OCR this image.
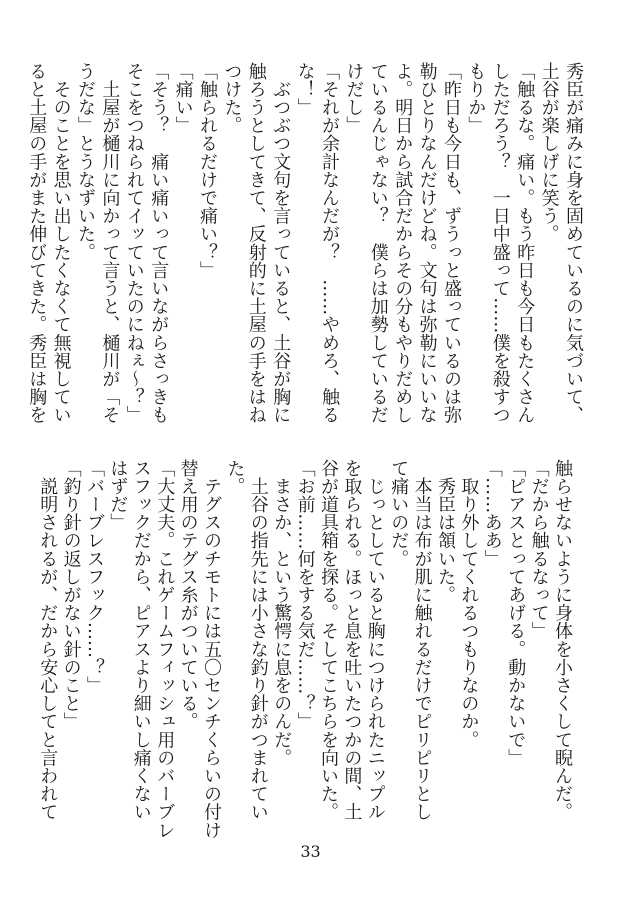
秀臣が痛みに身を固めているのに気づいて、
土谷が楽しげに笑う。
「触るな。痛い。もう昨日も今日もたくさん
しただろう？　一日中盛って……僕を殺すつ
もりか」
「昨日も今日も、ずうっと盛っているのは弥
勒ひとりなんだけどね。文句は弥勒にいいな
よ。明日から試合だからその分もやりだめし
ているんじゃない？　僕らは加勢しているだ
けだし」
「それが余計なんだが？　……やめろ、触る
な！」
　ぶつぶつ文句を言っていると、土谷が胸に
触ろうとしてきて、反射的に土屋の手をはね
つけた。
「触られるだけで痛い？」
「痛い」
「そう？　痛い痛いって言いながらさっきも
そこをつねられてイッていたのにねぇ～？」
　土屋が樋川に向かって言うと、樋川が「そ
うだな」とうなずいた。
　そのことを思い出したくなくて無視してい
ると土屋の手がまた伸びてきた。秀臣は胸を
触らせないように身体を小さくして睨んだ。
「だから触るなって」
「ピアスとってあげる。動かないで」
「……ああ」
　取り外してくれるつもりなのか。
　秀臣は頷いた。
　本当は布が肌に触れるだけでピリピリとし
て痛いのだ。
　じっとしていると胸につけられたニップル
を取られる。ほっと息を吐いたつかの間、土
谷が道具箱を探る。そしてこちらを向いた。
「お前……何をする気だ……？」
　まさか、という驚愕に息をのんだ。
　土谷の指先には小さな釣り針がつまれてい
た。
　テグスのチモトには五〇センチくらいの付け
替え用のテグス糸がついている。
「大丈夫。これゲームフィッシュ用のバーブレ
スフックだから、ピアスより細いし痛くない
はずだ」
「バーブレスフック……？」
「釣り針の返しがない針のこと」
　説明されるが、だから安心してと言われて
33
